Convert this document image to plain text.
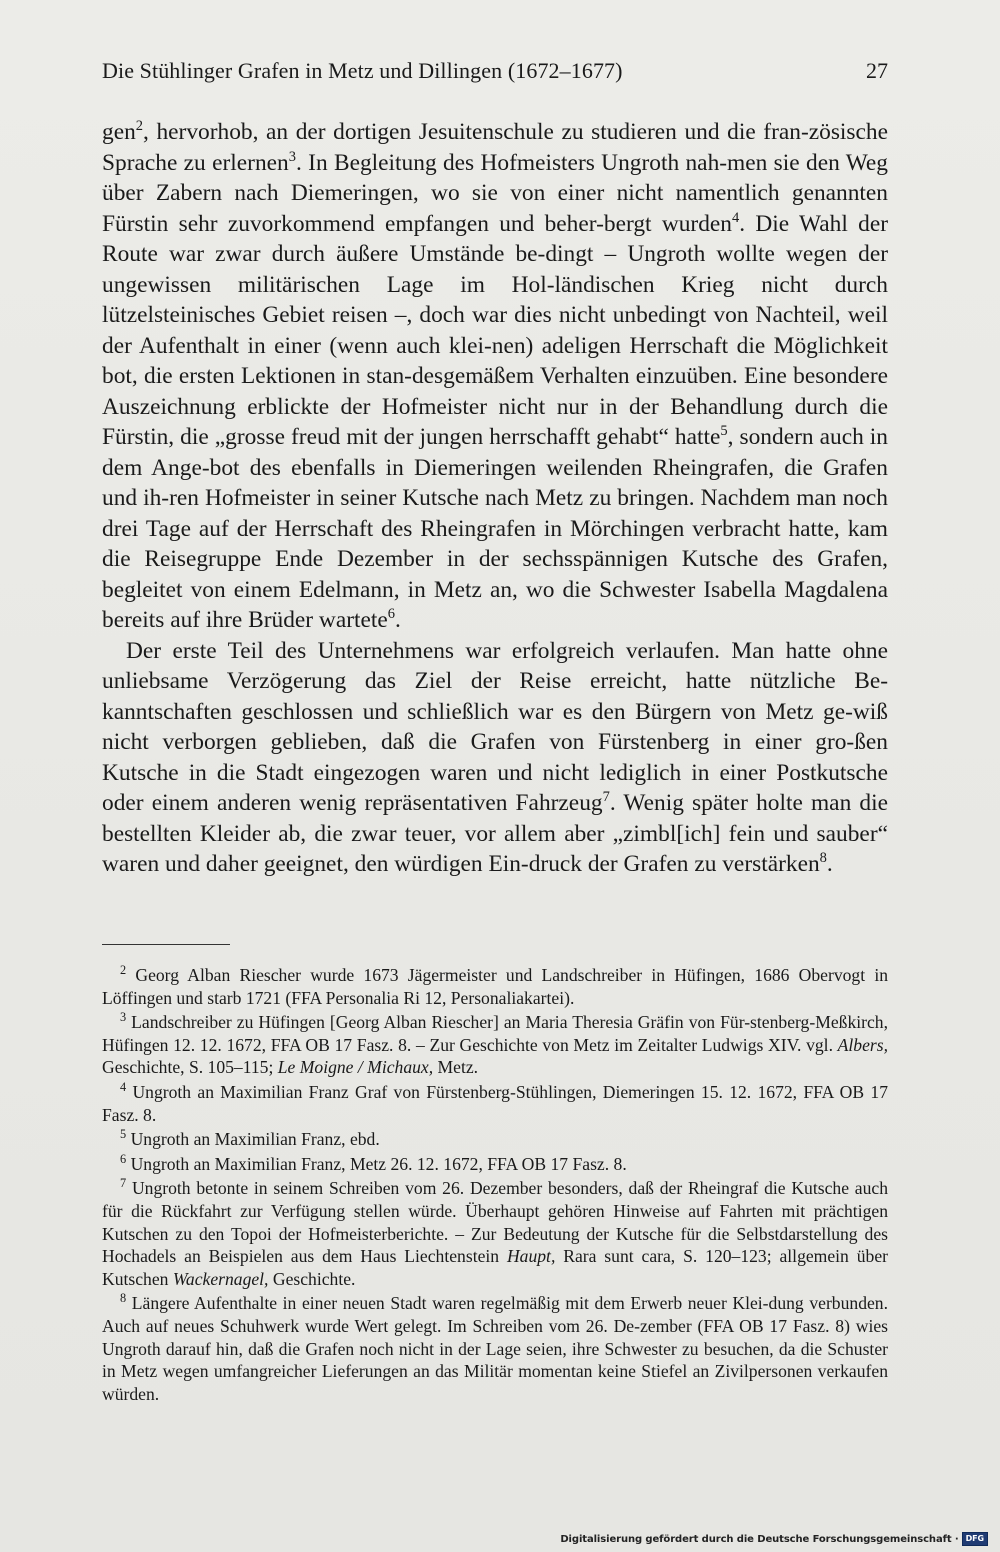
Die Stühlinger Grafen in Metz und Dillingen (1672–1677)	27

gen$^2$, hervorhob, an der dortigen Jesuitenschule zu studieren und die fran-zösische Sprache zu erlernen$^3$. In Begleitung des Hofmeisters Ungroth nah-men sie den Weg über Zabern nach Diemeringen, wo sie von einer nicht namentlich genannten Fürstin sehr zuvorkommend empfangen und beher-bergt wurden$^4$. Die Wahl der Route war zwar durch äußere Umstände be-dingt – Ungroth wollte wegen der ungewissen militärischen Lage im Hol-ländischen Krieg nicht durch lützelsteinisches Gebiet reisen –, doch war dies nicht unbedingt von Nachteil, weil der Aufenthalt in einer (wenn auch klei-nen) adeligen Herrschaft die Möglichkeit bot, die ersten Lektionen in stan-desgemäßem Verhalten einzuüben. Eine besondere Auszeichnung erblickte der Hofmeister nicht nur in der Behandlung durch die Fürstin, die „grosse freud mit der jungen herrschafft gehabt“ hatte$^5$, sondern auch in dem Ange-bot des ebenfalls in Diemeringen weilenden Rheingrafen, die Grafen und ih-ren Hofmeister in seiner Kutsche nach Metz zu bringen. Nachdem man noch drei Tage auf der Herrschaft des Rheingrafen in Mörchingen verbracht hatte, kam die Reisegruppe Ende Dezember in der sechsspännigen Kutsche des Grafen, begleitet von einem Edelmann, in Metz an, wo die Schwester Isabella Magdalena bereits auf ihre Brüder wartete$^6$.

Der erste Teil des Unternehmens war erfolgreich verlaufen. Man hatte ohne unliebsame Verzögerung das Ziel der Reise erreicht, hatte nützliche Be-kanntschaften geschlossen und schließlich war es den Bürgern von Metz ge-wiß nicht verborgen geblieben, daß die Grafen von Fürstenberg in einer gro-ßen Kutsche in die Stadt eingezogen waren und nicht lediglich in einer Postkutsche oder einem anderen wenig repräsentativen Fahrzeug$^7$. Wenig später holte man die bestellten Kleider ab, die zwar teuer, vor allem aber „zimbl[ich] fein und sauber“ waren und daher geeignet, den würdigen Ein-druck der Grafen zu verstärken$^8$.

$^2$ Georg Alban Riescher wurde 1673 Jägermeister und Landschreiber in Hüfingen, 1686 Obervogt in Löffingen und starb 1721 (FFA Personalia Ri 12, Personaliakartei).

$^3$ Landschreiber zu Hüfingen [Georg Alban Riescher] an Maria Theresia Gräfin von Für-stenberg-Meßkirch, Hüfingen 12. 12. 1672, FFA OB 17 Fasz. 8. – Zur Geschichte von Metz im Zeitalter Ludwigs XIV. vgl. Albers, Geschichte, S. 105–115; Le Moigne / Michaux, Metz.

$^4$ Ungroth an Maximilian Franz Graf von Fürstenberg-Stühlingen, Diemeringen 15. 12. 1672, FFA OB 17 Fasz. 8.

$^5$ Ungroth an Maximilian Franz, ebd.

$^6$ Ungroth an Maximilian Franz, Metz 26. 12. 1672, FFA OB 17 Fasz. 8.

$^7$ Ungroth betonte in seinem Schreiben vom 26. Dezember besonders, daß der Rheingraf die Kutsche auch für die Rückfahrt zur Verfügung stellen würde. Überhaupt gehören Hinweise auf Fahrten mit prächtigen Kutschen zu den Topoi der Hofmeisterberichte. – Zur Bedeutung der Kutsche für die Selbstdarstellung des Hochadels an Beispielen aus dem Haus Liechtenstein Haupt, Rara sunt cara, S. 120–123; allgemein über Kutschen Wackernagel, Geschichte.

$^8$ Längere Aufenthalte in einer neuen Stadt waren regelmäßig mit dem Erwerb neuer Klei-dung verbunden. Auch auf neues Schuhwerk wurde Wert gelegt. Im Schreiben vom 26. De-zember (FFA OB 17 Fasz. 8) wies Ungroth darauf hin, daß die Grafen noch nicht in der Lage seien, ihre Schwester zu besuchen, da die Schuster in Metz wegen umfangreicher Lieferungen an das Militär momentan keine Stiefel an Zivilpersonen verkaufen würden.

Digitalisierung gefördert durch die Deutsche Forschungsgemeinschaft · DFG
